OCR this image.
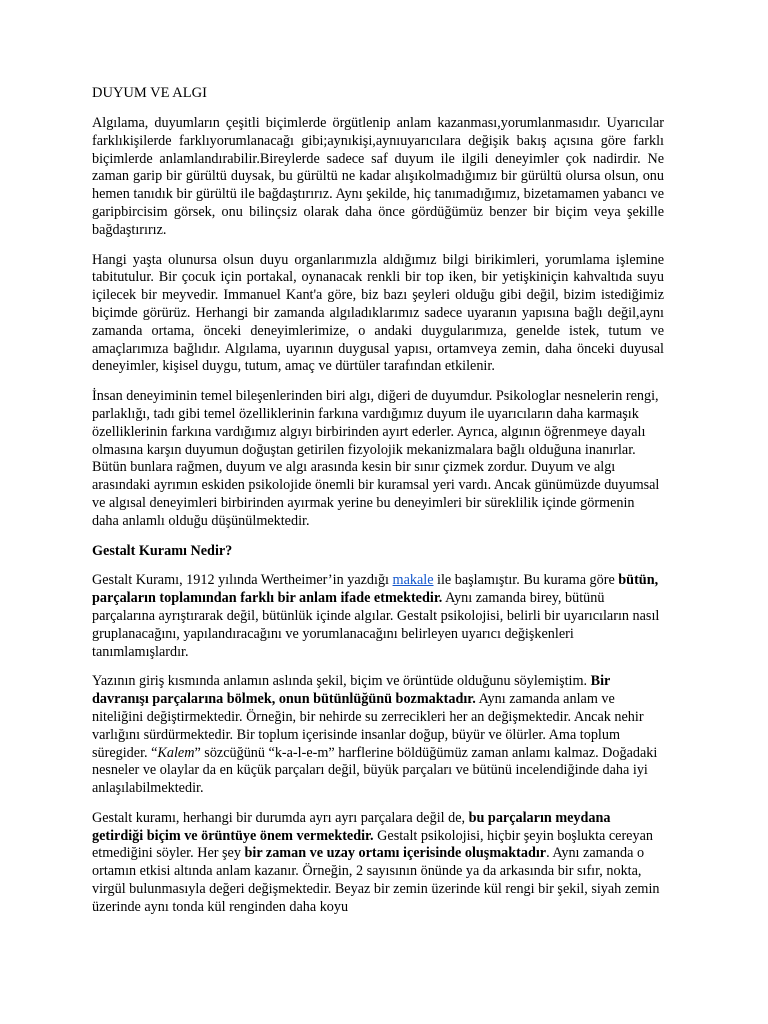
DUYUM VE ALGI

Algılama, duyumların çeşitli biçimlerde örgütlenip anlam kazanması,yorumlanmasıdır. Uyarıcılar farklıkişilerde farklıyorumlanacağı gibi;aynıkişi,aynıuyarıcılara değişik bakış açısına göre farklı biçimlerde anlamlandırabilir.Bireylerde sadece saf duyum ile ilgili deneyimler çok nadirdir. Ne zaman garip bir gürültü duysak, bu gürültü ne kadar alışıkolmadığımız bir gürültü olursa olsun, onu hemen tanıdık bir gürültü ile bağdaştırırız. Aynı şekilde, hiç tanımadığımız, bizetamamen yabancı ve garipbircisim görsek, onu bilinçsiz olarak daha önce gördüğümüz benzer bir biçim veya şekille bağdaştırırız.

Hangi yaşta olunursa olsun duyu organlarımızla aldığımız bilgi birikimleri, yorumlama işlemine tabitutulur. Bir çocuk için portakal, oynanacak renkli bir top iken, bir yetişkiniçin kahvaltıda suyu içilecek bir meyvedir. Immanuel Kant'a göre, biz bazı şeyleri olduğu gibi değil, bizim istediğimiz biçimde görürüz. Herhangi bir zamanda algıladıklarımız sadece uyaranın yapısına bağlı değil,aynı zamanda ortama, önceki deneyimlerimize, o andaki duygularımıza, genelde istek, tutum ve amaçlarımıza bağlıdır. Algılama, uyarının duygusal yapısı, ortamveya zemin, daha önceki duyusal deneyimler, kişisel duygu, tutum, amaç ve dürtüler tarafından etkilenir.

İnsan deneyiminin temel bileşenlerinden biri algı, diğeri de duyumdur. Psikologlar nesnelerin rengi, parlaklığı, tadı gibi temel özelliklerinin farkına vardığımız duyum ile uyarıcıların daha karmaşık özelliklerinin farkına vardığımız algıyı birbirinden ayırt ederler. Ayrıca, algının öğrenmeye dayalı olmasına karşın duyumun doğuştan getirilen fizyolojik mekanizmalara bağlı olduğuna inanırlar. Bütün bunlara rağmen, duyum ve algı arasında kesin bir sınır çizmek zordur. Duyum ve algı arasındaki ayrımın eskiden psikolojide önemli bir kuramsal yeri vardı. Ancak günümüzde duyumsal ve algısal deneyimleri birbirinden ayırmak yerine bu deneyimleri bir süreklilik içinde görmenin daha anlamlı olduğu düşünülmektedir.

Gestalt Kuramı Nedir?

Gestalt Kuramı, 1912 yılında Wertheimer’in yazdığı makale ile başlamıştır. Bu kurama göre bütün, parçaların toplamından farklı bir anlam ifade etmektedir. Aynı zamanda birey, bütünü parçalarına ayrıştırarak değil, bütünlük içinde algılar. Gestalt psikolojisi, belirli bir uyarıcıların nasıl gruplanacağını, yapılandıracağını ve yorumlanacağını belirleyen uyarıcı değişkenleri tanımlamışlardır.

Yazının giriş kısmında anlamın aslında şekil, biçim ve örüntüde olduğunu söylemiştim. Bir davranışı parçalarına bölmek, onun bütünlüğünü bozmaktadır. Aynı zamanda anlam ve niteliğini değiştirmektedir. Örneğin, bir nehirde su zerrecikleri her an değişmektedir. Ancak nehir varlığını sürdürmektedir. Bir toplum içerisinde insanlar doğup, büyür ve ölürler. Ama toplum süregider. “Kalem” sözcüğünü “k-a-l-e-m” harflerine böldüğümüz zaman anlamı kalmaz. Doğadaki nesneler ve olaylar da en küçük parçaları değil, büyük parçaları ve bütünü incelendiğinde daha iyi anlaşılabilmektedir.

Gestalt kuramı, herhangi bir durumda ayrı ayrı parçalara değil de, bu parçaların meydana getirdiği biçim ve örüntüye önem vermektedir. Gestalt psikolojisi, hiçbir şeyin boşlukta cereyan etmediğini söyler. Her şey bir zaman ve uzay ortamı içerisinde oluşmaktadır. Aynı zamanda o ortamın etkisi altında anlam kazanır. Örneğin, 2 sayısının önünde ya da arkasında bir sıfır, nokta, virgül bulunmasıyla değeri değişmektedir. Beyaz bir zemin üzerinde kül rengi bir şekil, siyah zemin üzerinde aynı tonda kül renginden daha koyu
